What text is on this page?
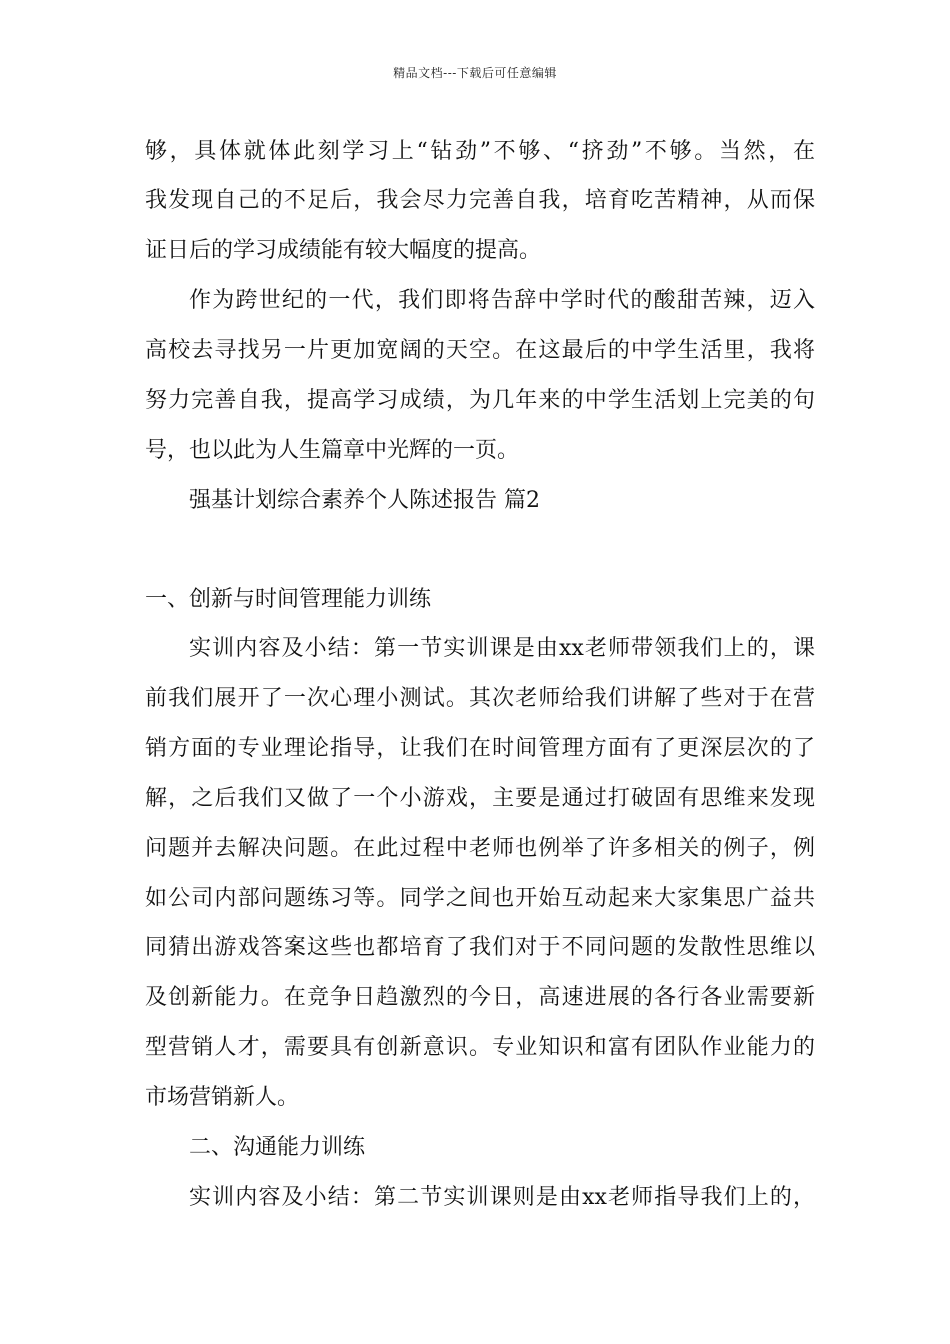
精品文档---下载后可任意编辑
够，具体就体此刻学习上“钻劲”不够、“挤劲”不够。当然，在
我发现自己的不足后，我会尽力完善自我，培育吃苦精神，从而保
证日后的学习成绩能有较大幅度的提高。
作为跨世纪的一代，我们即将告辞中学时代的酸甜苦辣，迈入
高校去寻找另一片更加宽阔的天空。在这最后的中学生活里，我将
努力完善自我，提高学习成绩，为几年来的中学生活划上完美的句
号，也以此为人生篇章中光辉的一页。
强基计划综合素养个人陈述报告 篇2
一、创新与时间管理能力训练
实训内容及小结：第一节实训课是由xx老师带领我们上的，课
前我们展开了一次心理小测试。其次老师给我们讲解了些对于在营
销方面的专业理论指导，让我们在时间管理方面有了更深层次的了
解，之后我们又做了一个小游戏，主要是通过打破固有思维来发现
问题并去解决问题。在此过程中老师也例举了许多相关的例子，例
如公司内部问题练习等。同学之间也开始互动起来大家集思广益共
同猜出游戏答案这些也都培育了我们对于不同问题的发散性思维以
及创新能力。在竞争日趋激烈的今日，高速进展的各行各业需要新
型营销人才，需要具有创新意识。专业知识和富有团队作业能力的
市场营销新人。
二、沟通能力训练
实训内容及小结：第二节实训课则是由xx老师指导我们上的，
